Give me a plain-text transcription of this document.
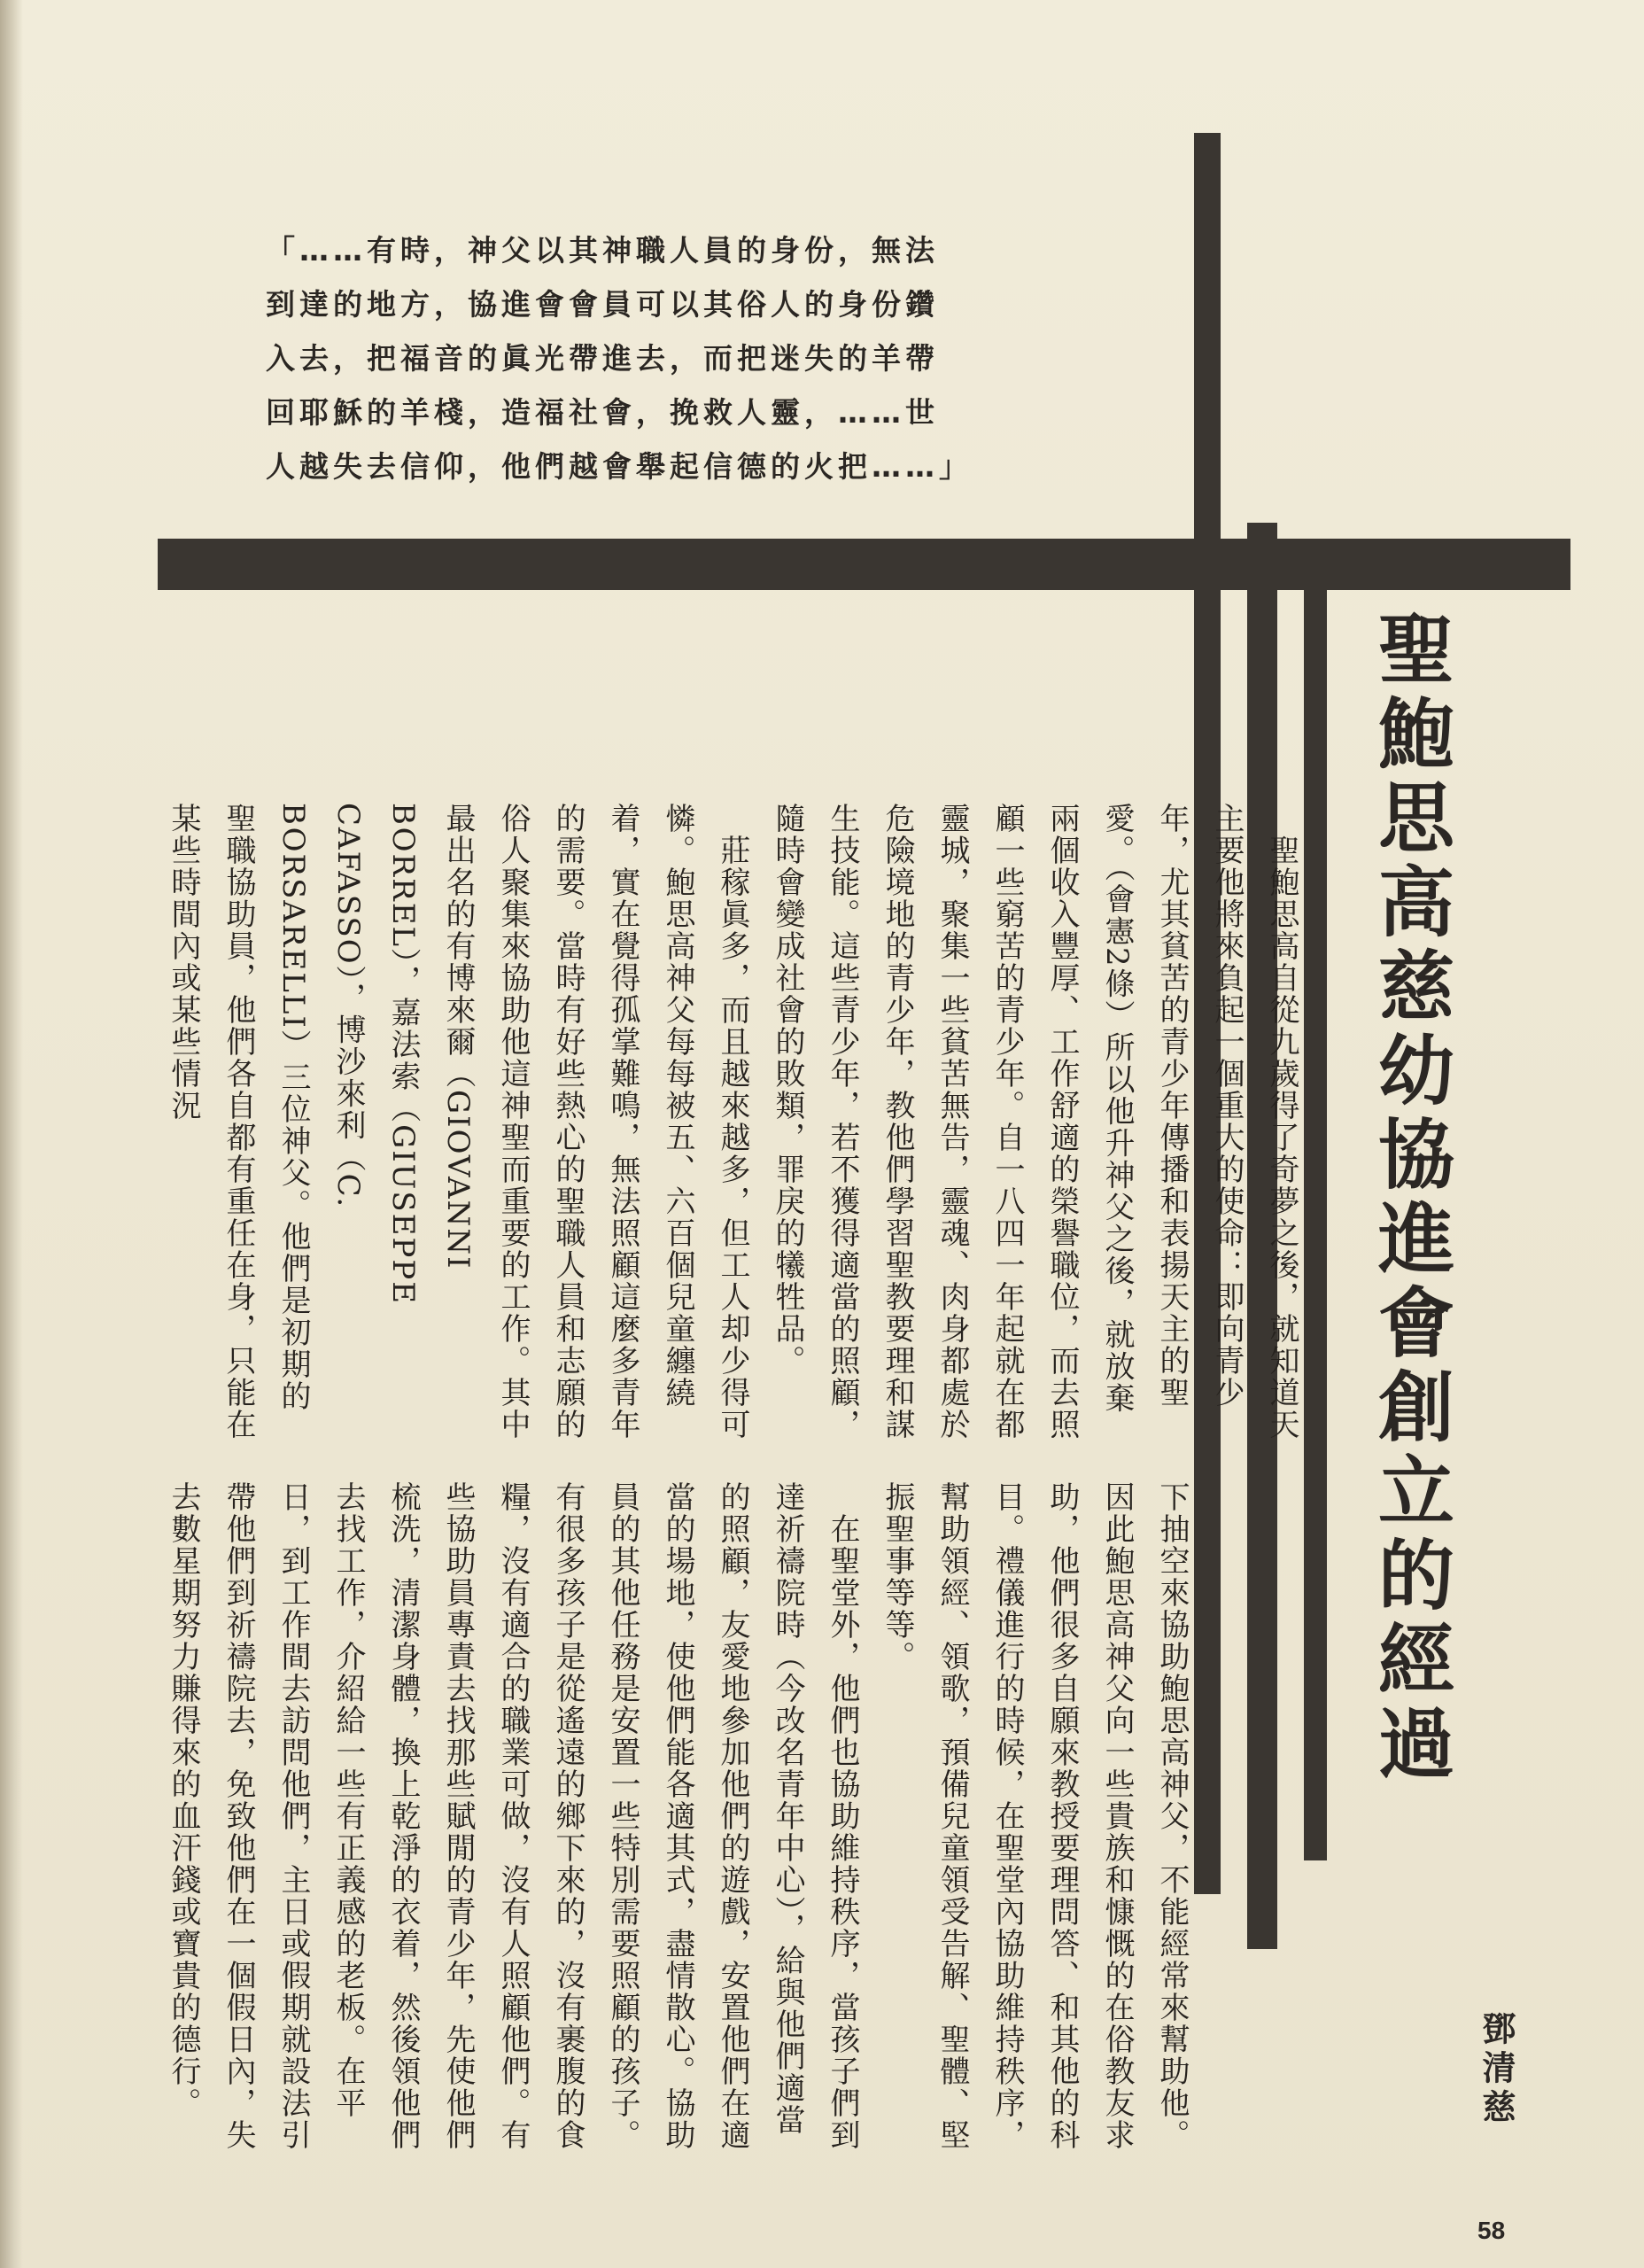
「……有時，神父以其神職人員的身份，無法
到達的地方，協進會會員可以其俗人的身份鑽
入去，把福音的眞光帶進去，而把迷失的羊帶
回耶穌的羊棧，造福社會，挽救人靈，……世
人越失去信仰，他們越會舉起信德的火把……」
聖鮑思高慈幼協進會創立的經過
鄧清慈
　聖鮑思高自從九歲得了奇夢之後，就知道天主要他將來負起一個重大的使命：即向青少年，尤其貧苦的青少年傳播和表揚天主的聖愛。（會憲2條）所以他升神父之後，就放棄兩個收入豐厚、工作舒適的榮譽職位，而去照顧一些窮苦的青少年。自一八四一年起就在都靈城，聚集一些貧苦無告，靈魂、肉身都處於危險境地的青少年，教他們學習聖教要理和謀生技能。這些青少年，若不獲得適當的照顧，隨時會變成社會的敗類，罪戾的犧牲品。
　莊稼眞多，而且越來越多，但工人却少得可憐。鮑思高神父每每被五、六百個兒童纏繞着，實在覺得孤掌難鳴，無法照顧這麼多青年的需要。當時有好些熱心的聖職人員和志願的俗人聚集來協助他這神聖而重要的工作。其中最出名的有博來爾（GIOVANNI BORREL），嘉法索（GIUSEPPE CAFASSO），博沙來利（C. BORSARELLI）三位神父。他們是初期的聖職協助員，他們各自都有重任在身，只能在某些時間內或某些情況
下抽空來協助鮑思高神父，不能經常來幫助他。因此鮑思高神父向一些貴族和慷慨的在俗教友求助，他們很多自願來教授要理問答、和其他的科目。禮儀進行的時候，在聖堂內協助維持秩序，幫助領經、領歌，預備兒童領受告解、聖體、堅振聖事等等。
　在聖堂外，他們也協助維持秩序，當孩子們到達祈禱院時（今改名青年中心），給與他們適當的照顧，友愛地參加他們的遊戲，安置他們在適當的場地，使他們能各適其式，盡情散心。協助員的其他任務是安置一些特別需要照顧的孩子。有很多孩子是從遙遠的鄉下來的，沒有裹腹的食糧，沒有適合的職業可做，沒有人照顧他們。有些協助員專責去找那些賦閒的青少年，先使他們梳洗，清潔身體，換上乾淨的衣着，然後領他們去找工作，介紹給一些有正義感的老板。在平日，到工作間去訪問他們，主日或假期就設法引帶他們到祈禱院去，免致他們在一個假日內，失去數星期努力賺得來的血汗錢或寶貴的德行。
58
